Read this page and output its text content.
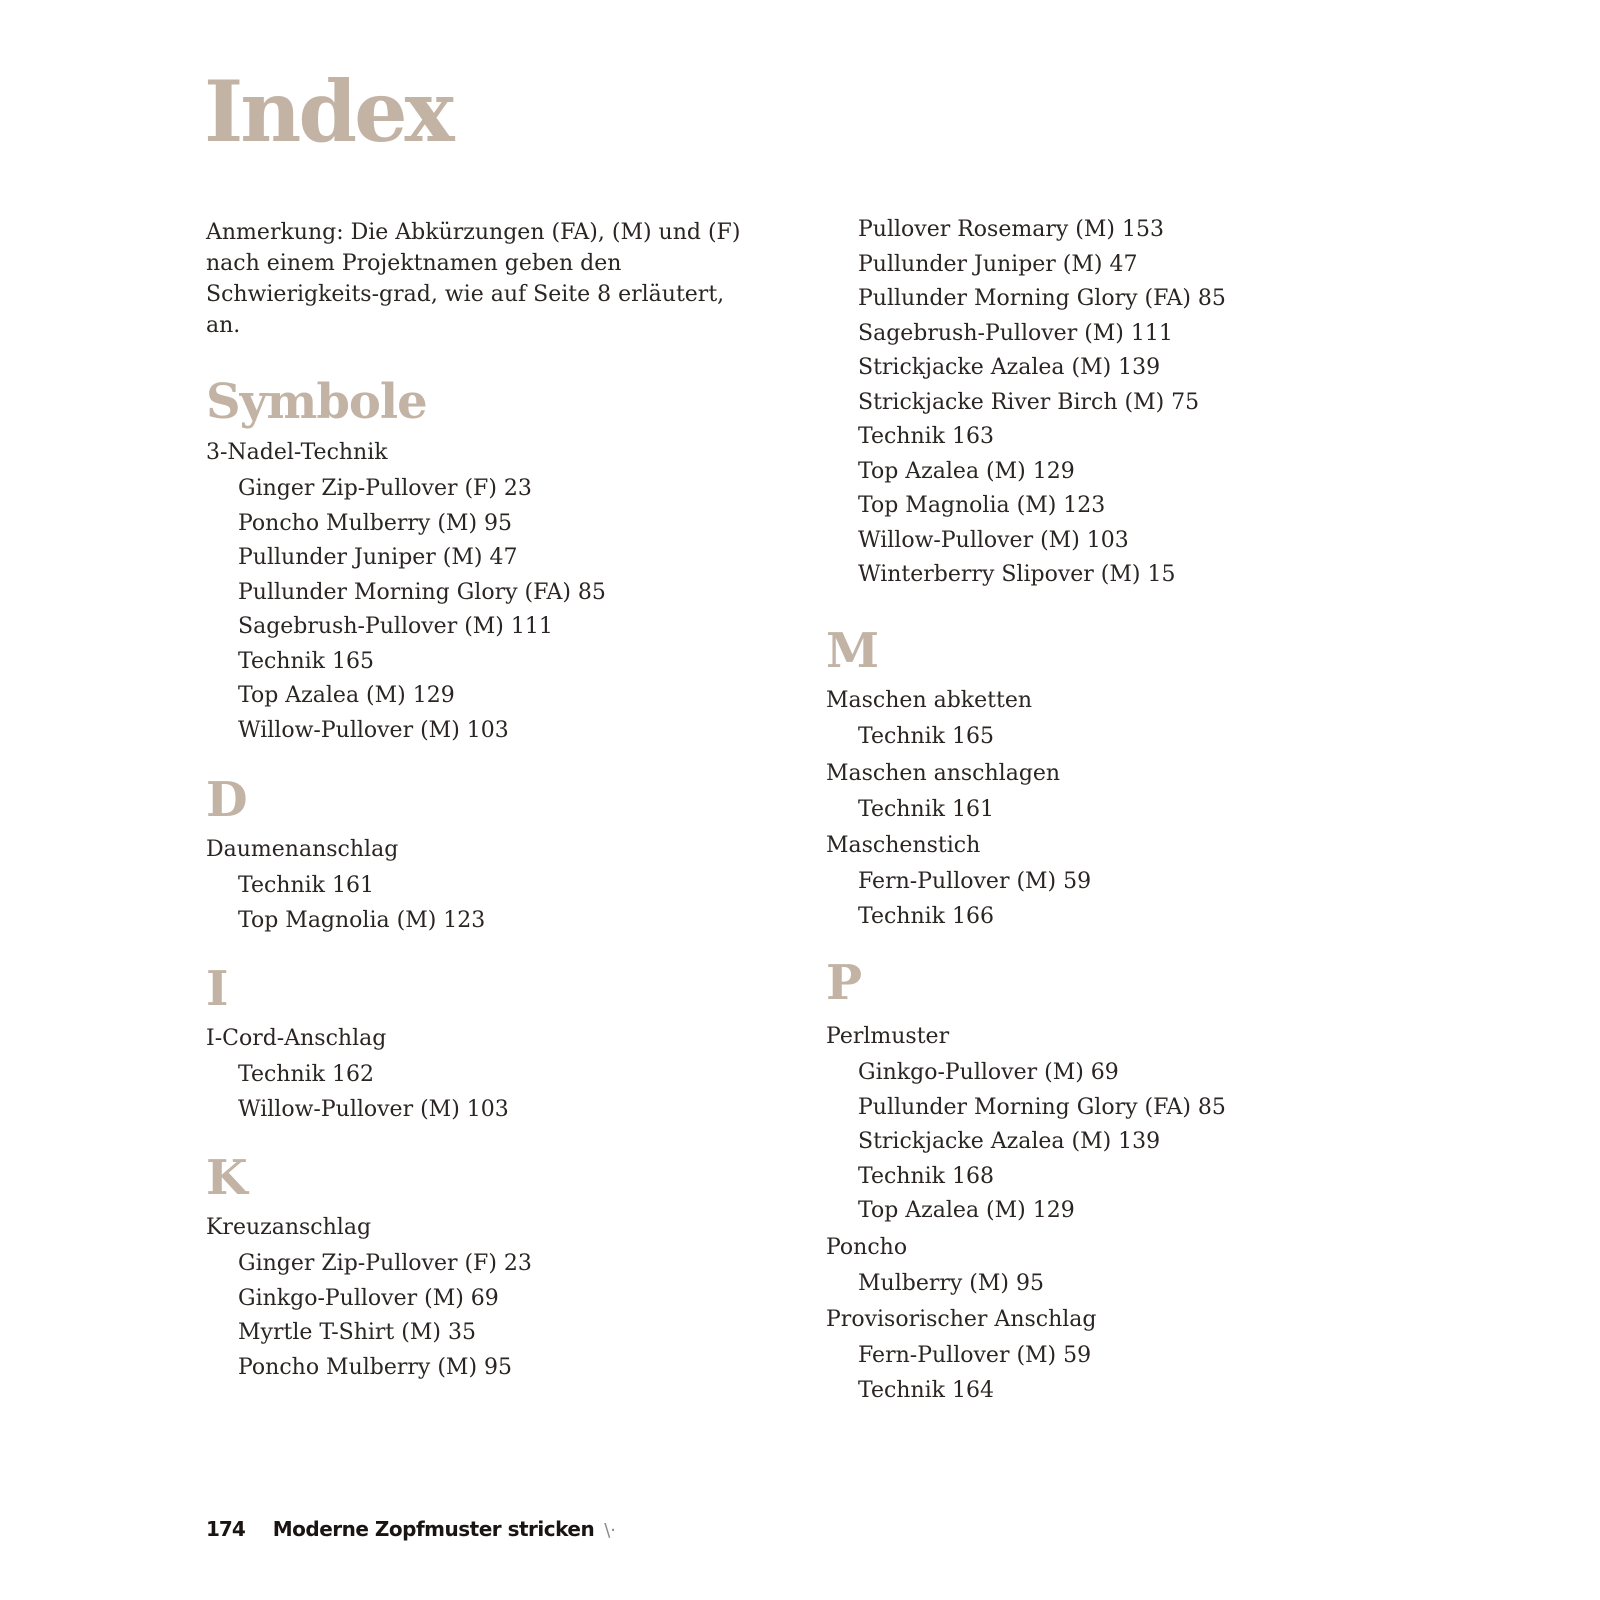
Index

Anmerkung: Die Abkürzungen (FA), (M) und (F) nach einem Projektnamen geben den Schwierigkeits-grad, wie auf Seite 8 erläutert, an.

Symbole
3-Nadel-Technik
Ginger Zip-Pullover (F) 23
Poncho Mulberry (M) 95
Pullunder Juniper (M) 47
Pullunder Morning Glory (FA) 85
Sagebrush-Pullover (M) 111
Technik 165
Top Azalea (M) 129
Willow-Pullover (M) 103
D
Daumenanschlag
Technik 161
Top Magnolia (M) 123
I
I-Cord-Anschlag
Technik 162
Willow-Pullover (M) 103
K
Kreuzanschlag
Ginger Zip-Pullover (F) 23
Ginkgo-Pullover (M) 69
Myrtle T-Shirt (M) 35
Poncho Mulberry (M) 95
Pullover Rosemary (M) 153
Pullunder Juniper (M) 47
Pullunder Morning Glory (FA) 85
Sagebrush-Pullover (M) 111
Strickjacke Azalea (M) 139
Strickjacke River Birch (M) 75
Technik 163
Top Azalea (M) 129
Top Magnolia (M) 123
Willow-Pullover (M) 103
Winterberry Slipover (M) 15
M
Maschen abketten
Technik 165
Maschen anschlagen
Technik 161
Maschenstich
Fern-Pullover (M) 59
Technik 166
P
Perlmuster
Ginkgo-Pullover (M) 69
Pullunder Morning Glory (FA) 85
Strickjacke Azalea (M) 139
Technik 168
Top Azalea (M) 129
Poncho
Mulberry (M) 95
Provisorischer Anschlag
Fern-Pullover (M) 59
Technik 164
174 Moderne Zopfmuster stricken \·
